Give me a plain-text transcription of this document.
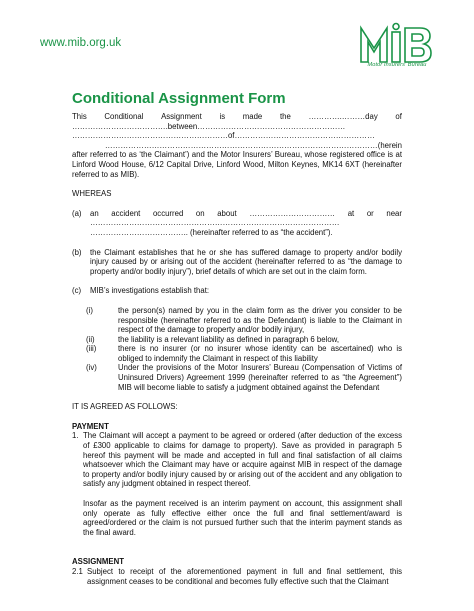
www.mib.org.uk
Motor Insurers' Bureau
Conditional Assignment Form
This Conditional Assignment is made the ………….………day of
……………………………….between…………………………………………………
……………………………………………………of………………………………………………
……………………………………………………………………………………………(herein

after referred to as ‘the Claimant’) and the Motor Insurers’ Bureau, whose registered office is at Linford Wood House, 6/12 Capital Drive, Linford Wood, Milton Keynes, MK14 6XT (hereinafter referred to as MIB).

WHEREAS

(a)	an accident occurred on about …………………………… at or near
……………………………………………………………………………………
……………………………….. (hereinafter referred to as “the accident”).
(b)	the Claimant establishes that he or she has suffered damage to property and/or bodily injury caused by or arising out of the accident (hereinafter referred to as “the damage to property and/or bodily injury”), brief details of which are set out in the claim form.
(c)	MIB’s investigations establish that:
(i)	the person(s) named by you in the claim form as the driver you consider to be responsible (hereinafter referred to as the Defendant) is liable to the Claimant in respect of the damage to property and/or bodily injury,
(ii)	the liability is a relevant liability as defined in paragraph 6 below,
(iii)	there is no insurer (or no insurer whose identity can be ascertained) who is obliged to indemnify the Claimant in respect of this liability
(iv)	Under the provisions of the Motor Insurers’ Bureau (Compensation of Victims of Uninsured Drivers) Agreement 1999 (hereinafter referred to as “the Agreement”) MIB will become liable to satisfy a judgment obtained against the Defendant

IT IS AGREED AS FOLLOWS:

PAYMENT
1. The Claimant will accept a payment to be agreed or ordered (after deduction of the excess of £300 applicable to claims for damage to property). Save as provided in paragraph 5 hereof this payment will be made and accepted in full and final satisfaction of all claims whatsoever which the Claimant may have or acquire against MIB in respect of the damage to property and/or bodily injury caused by or arising out of the accident and any obligation to satisfy any judgment obtained in respect thereof.

Insofar as the payment received is an interim payment on account, this assignment shall only operate as fully effective either once the full and final settlement/award is agreed/ordered or the claim is not pursued further such that the interim payment stands as the final award.

ASSIGNMENT
2.1 Subject to receipt of the aforementioned payment in full and final settlement, this assignment ceases to be conditional and becomes fully effective such that the Claimant
